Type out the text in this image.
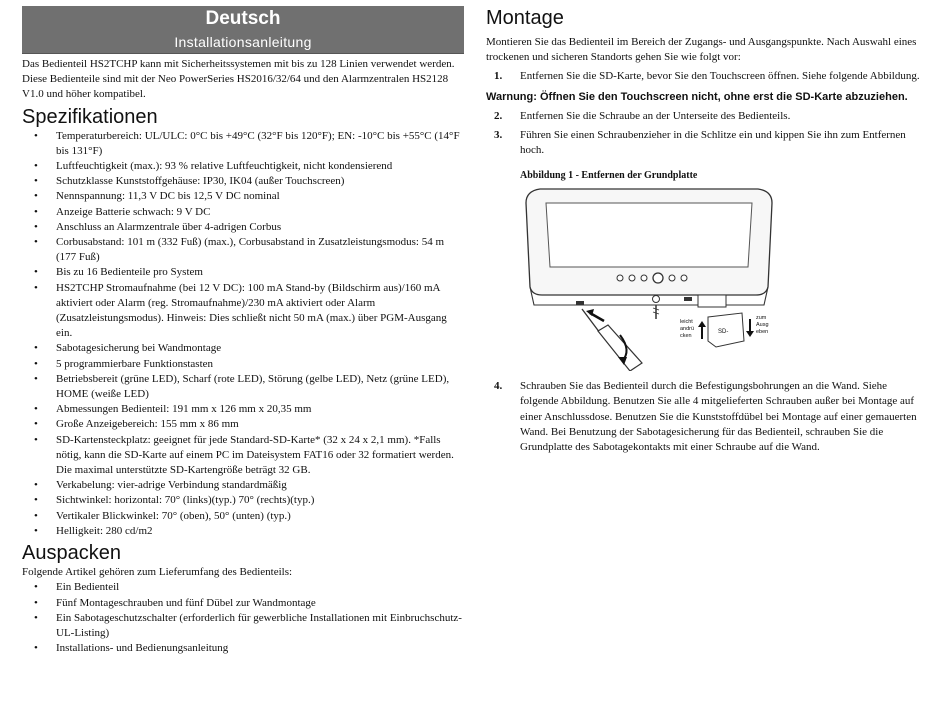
Deutsch
Installationsanleitung

Das Bedienteil HS2TCHP kann mit Sicherheitssystemen mit bis zu 128 Linien verwendet werden. Diese Bedienteile sind mit der Neo PowerSeries HS2016/32/64 und den Alarmzentralen HS2128 V1.0 und höher kompatibel.

Spezifikationen
• Temperaturbereich: UL/ULC: 0°C bis +49°C (32°F bis 120°F); EN: -10°C bis +55°C (14°F bis 131°F)
• Luftfeuchtigkeit (max.): 93 % relative Luftfeuchtigkeit, nicht kondensierend
• Schutzklasse Kunststoffgehäuse: IP30, IK04 (außer Touchscreen)
• Nennspannung: 11,3 V DC bis 12,5 V DC nominal
• Anzeige Batterie schwach: 9 V DC
• Anschluss an Alarmzentrale über 4-adrigen Corbus
• Corbusabstand: 101 m (332 Fuß) (max.), Corbusabstand in Zusatzleistungsmodus: 54 m (177 Fuß)
• Bis zu 16 Bedienteile pro System
• HS2TCHP Stromaufnahme (bei 12 V DC): 100 mA Stand-by (Bildschirm aus)/160 mA aktiviert oder Alarm (reg. Stromaufnahme)/230 mA aktiviert oder Alarm (Zusatzleistungsmodus). Hinweis: Dies schließt nicht 50 mA (max.) über PGM-Ausgang ein.
• Sabotagesicherung bei Wandmontage
• 5 programmierbare Funktionstasten
• Betriebsbereit (grüne LED), Scharf (rote LED), Störung (gelbe LED), Netz (grüne LED), HOME (weiße LED)
• Abmessungen Bedienteil: 191 mm x 126 mm x 20,35 mm
• Große Anzeigebereich: 155 mm x 86 mm
• SD-Kartensteckplatz: geeignet für jede Standard-SD-Karte* (32 x 24 x 2,1 mm). *Falls nötig, kann die SD-Karte auf einem PC im Dateisystem FAT16 oder 32 formatiert werden. Die maximal unterstützte SD-Kartengröße beträgt 32 GB.
• Verkabelung: vier-adrige Verbindung standardmäßig
• Sichtwinkel: horizontal: 70° (links)(typ.) 70° (rechts)(typ.)
• Vertikaler Blickwinkel: 70° (oben), 50° (unten) (typ.)
• Helligkeit: 280 cd/m2
Auspacken

Folgende Artikel gehören zum Lieferumfang des Bedienteils:

• Ein Bedienteil
• Fünf Montageschrauben und fünf Dübel zur Wandmontage
• Ein Sabotageschutzschalter (erforderlich für gewerbliche Installationen mit Einbruchschutz-UL-Listing)
• Installations- und Bedienungsanleitung
Montage

Montieren Sie das Bedienteil im Bereich der Zugangs- und Ausgangspunkte. Nach Auswahl eines trockenen und sicheren Standorts gehen Sie wie folgt vor:

1. Entfernen Sie die SD-Karte, bevor Sie den Touchscreen öffnen. Siehe folgende Abbildung.
Warnung: Öffnen Sie den Touchscreen nicht, ohne erst die SD-Karte abzuziehen.
2. Entfernen Sie die Schraube an der Unterseite des Bedienteils.
3. Führen Sie einen Schraubenzieher in die Schlitze ein und kippen Sie ihn zum Entfernen hoch.
Abbildung 1 - Entfernen der Grundplatte
SD-
leicht
andrü
cken
zum
Ausg
eben
4. Schrauben Sie das Bedienteil durch die Befestigungsbohrungen an die Wand. Siehe folgende Abbildung. Benutzen Sie alle 4 mitgelieferten Schrauben außer bei Montage auf einer Anschlussdose. Benutzen Sie die Kunststoffdübel bei Montage auf einer gemauerten Wand. Bei Benutzung der Sabotagesicherung für das Bedienteil, schrauben Sie die Grundplatte des Sabotagekontakts mit einer Schraube auf die Wand.
